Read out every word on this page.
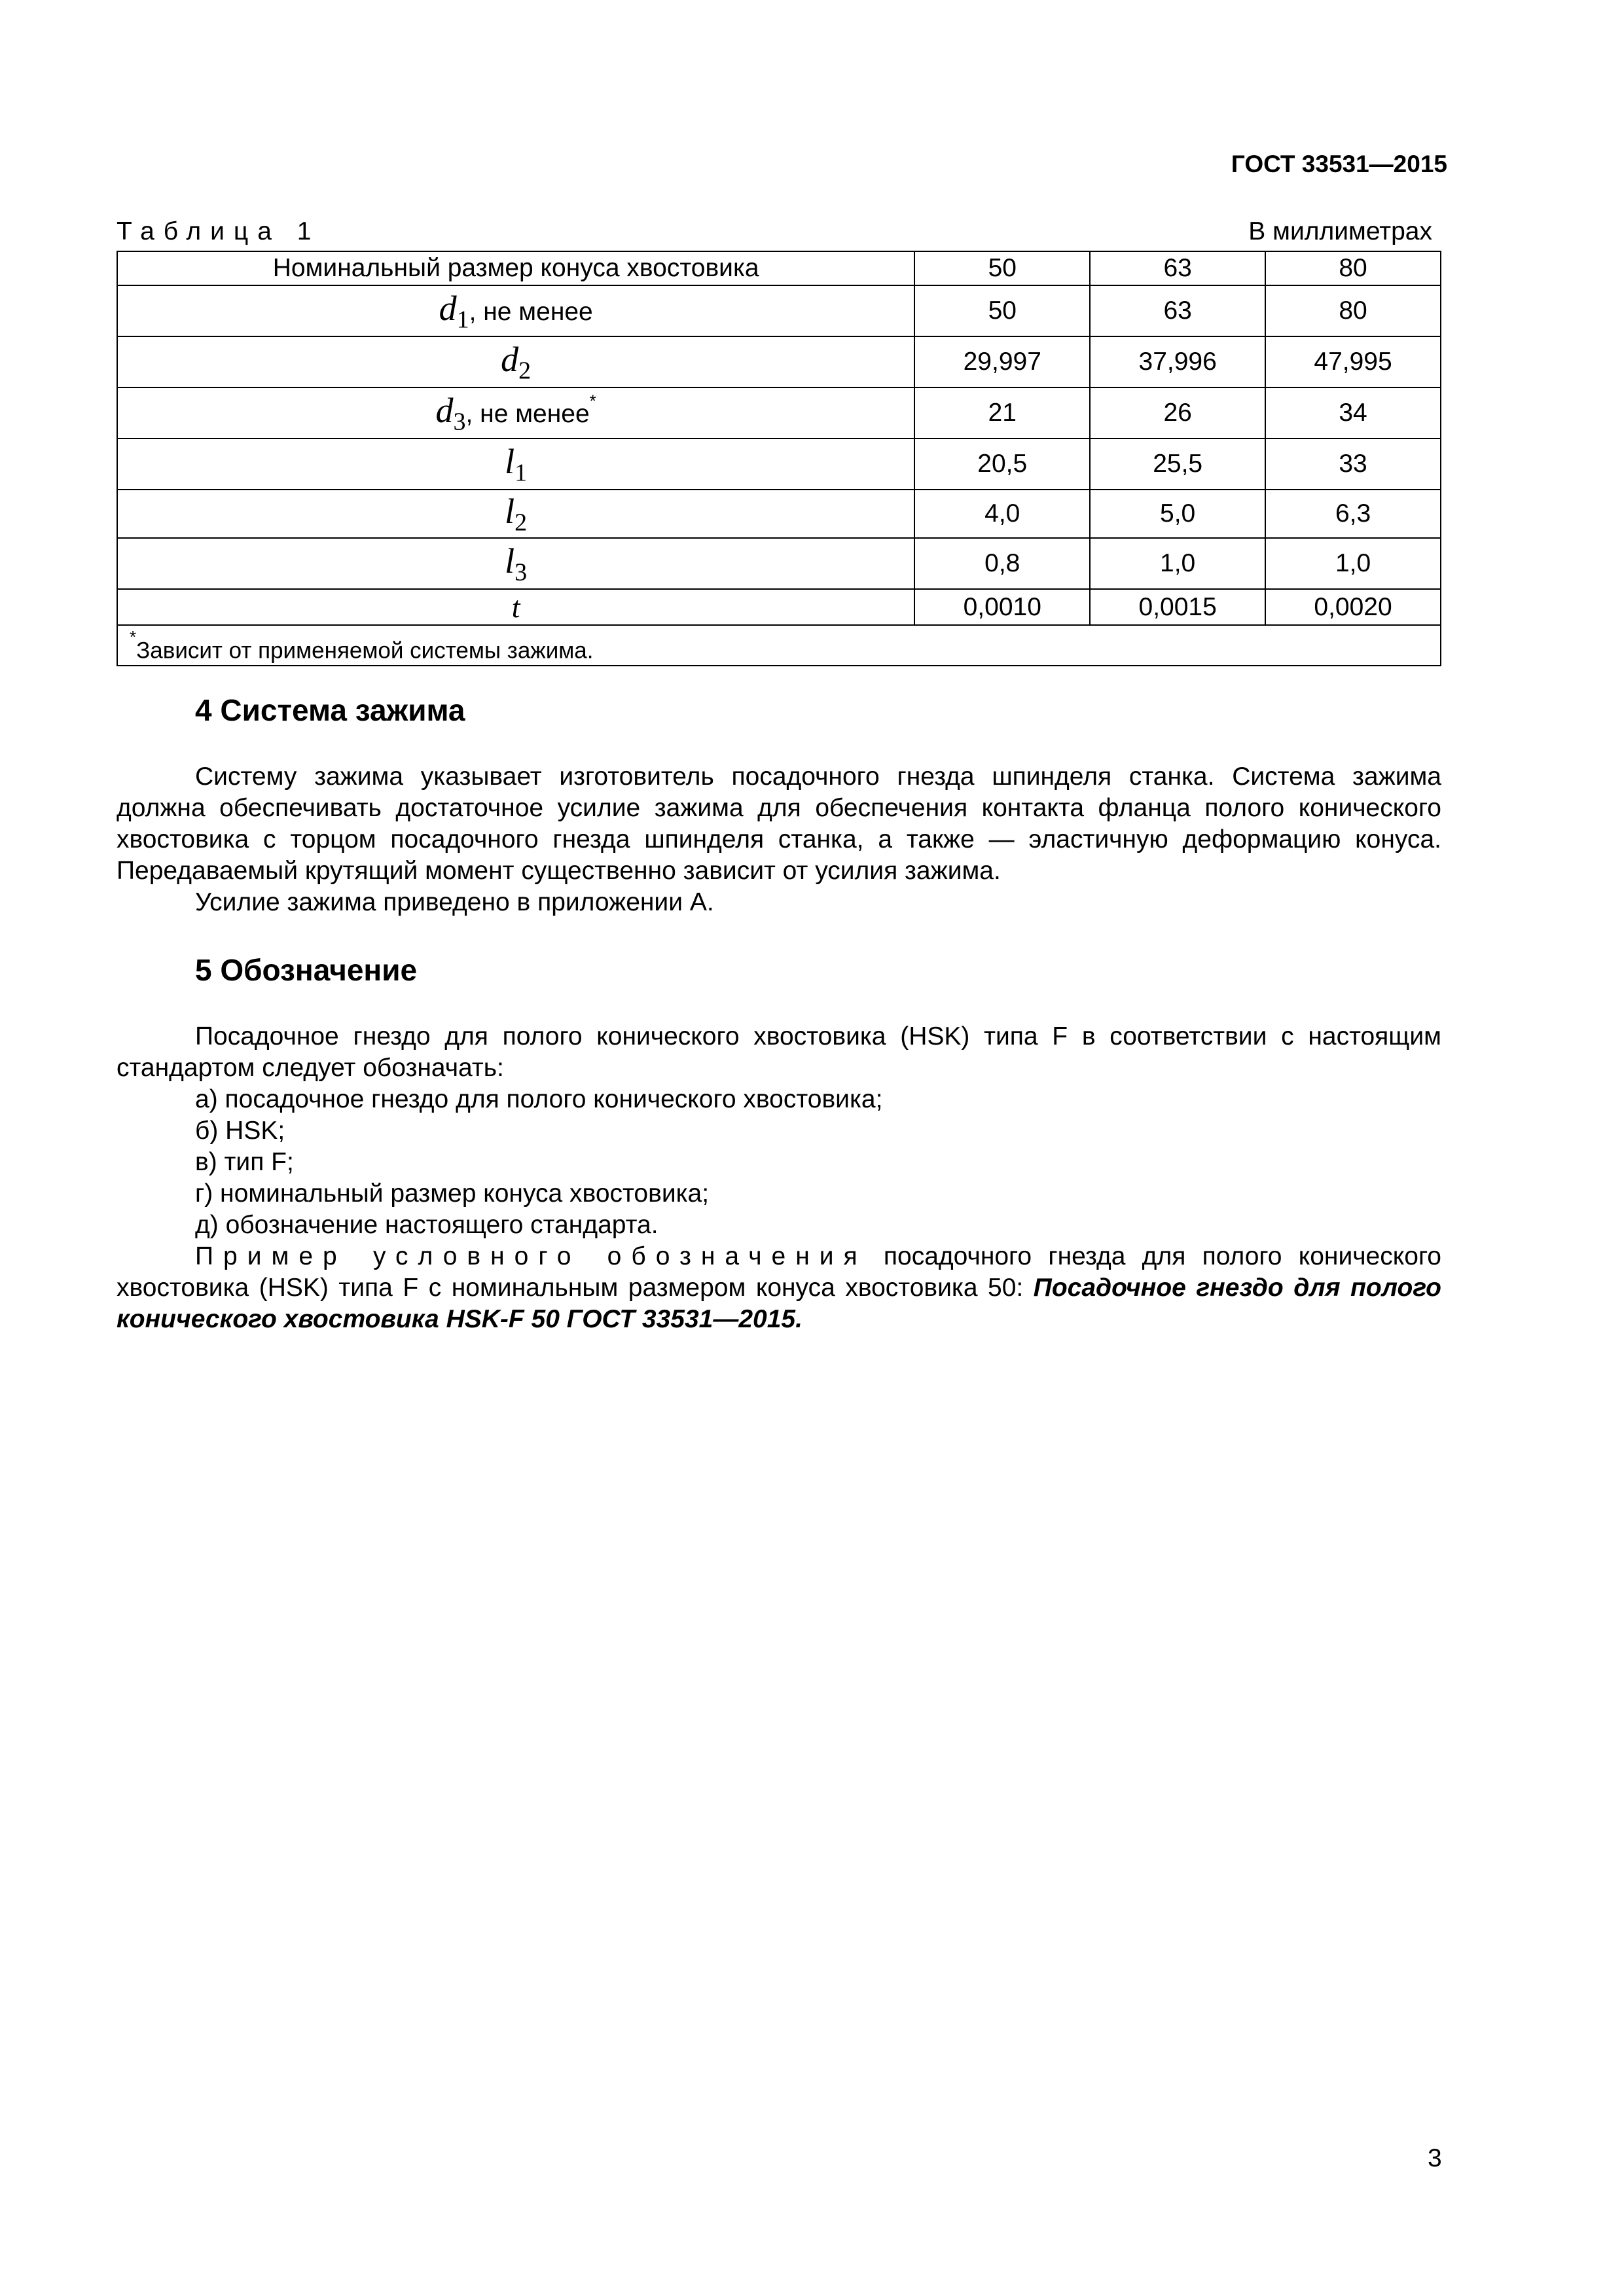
ГОСТ 33531—2015
Таблица 1	В миллиметрах
Номинальный размер конуса хвостовика	50	63	80
$d_1$, не менее	50	63	80
$d_2$	29,997	37,996	47,995
$d_3$, не менее*	21	26	34
$l_1$	20,5	25,5	33
$l_2$	4,0	5,0	6,3
$l_3$	0,8	1,0	1,0
t	0,0010	0,0015	0,0020
*Зависит от применяемой системы зажима.			
4 Система зажима
Систему зажима указывает изготовитель посадочного гнезда шпинделя станка. Система зажима должна обеспечивать достаточное усилие зажима для обеспечения контакта фланца полого конического хвостовика с торцом посадочного гнезда шпинделя станка, а также — эластичную деформацию конуса. Передаваемый крутящий момент существенно зависит от усилия зажима.
Усилие зажима приведено в приложении А.
5 Обозначение
Посадочное гнездо для полого конического хвостовика (HSK) типа F в соответствии с настоящим стандартом следует обозначать:
а) посадочное гнездо для полого конического хвостовика;
б) HSK;
в) тип F;
г) номинальный размер конуса хвостовика;
д) обозначение настоящего стандарта.
Пример условного обозначения посадочного гнезда для полого конического хвостовика (HSK) типа F с номинальным размером конуса хвостовика 50: Посадочное гнездо для полого конического хвостовика HSK-F 50 ГОСТ 33531—2015.
3
